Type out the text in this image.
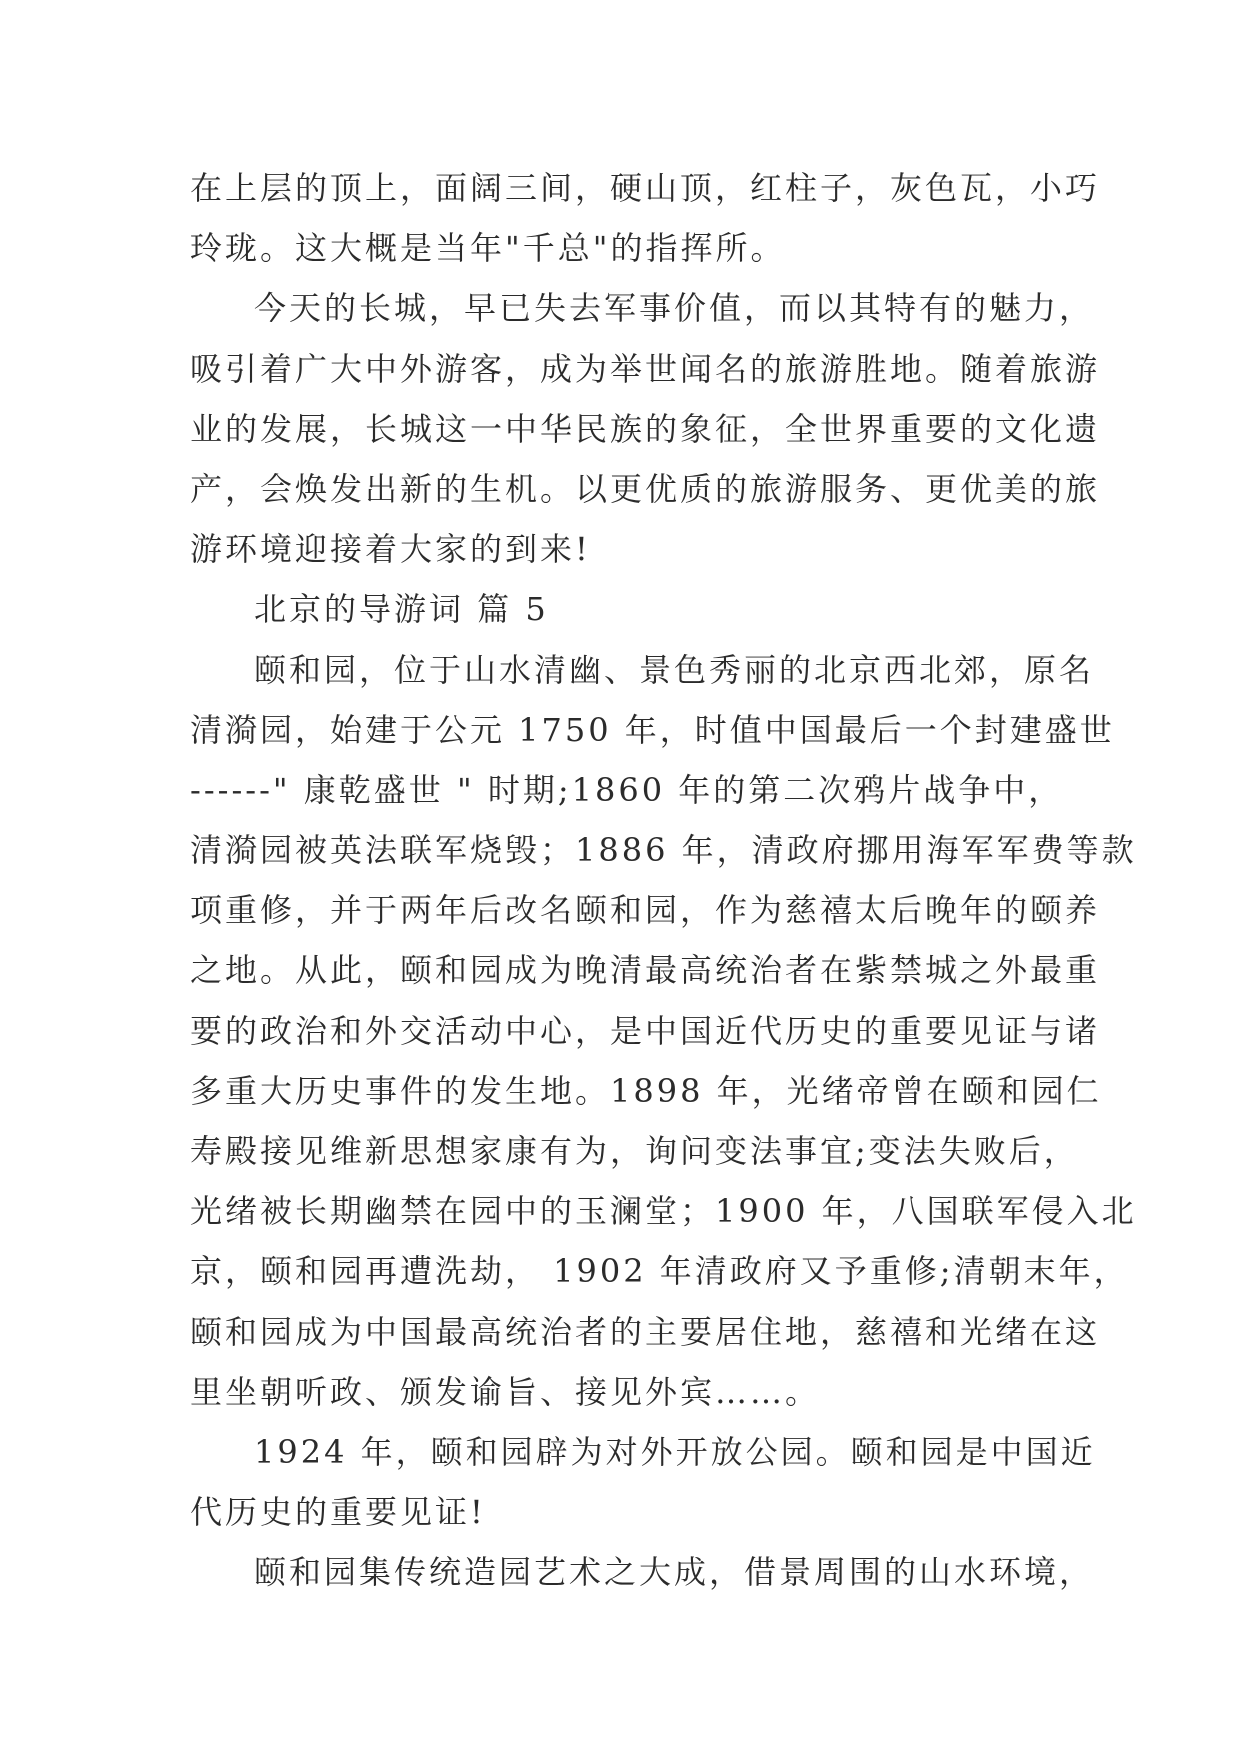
在上层的顶上，面阔三间，硬山顶，红柱子，灰色瓦，小巧
玲珑。这大概是当年"千总"的指挥所。
今天的长城，早已失去军事价值，而以其特有的魅力，
吸引着广大中外游客，成为举世闻名的旅游胜地。随着旅游
业的发展，长城这一中华民族的象征，全世界重要的文化遗
产，会焕发出新的生机。以更优质的旅游服务、更优美的旅
游环境迎接着大家的到来!
北京的导游词 篇 5
颐和园，位于山水清幽、景色秀丽的北京西北郊，原名
清漪园，始建于公元 1750 年，时值中国最后一个封建盛世
------" 康乾盛世 " 时期;1860 年的第二次鸦片战争中，
清漪园被英法联军烧毁；1886 年，清政府挪用海军军费等款
项重修，并于两年后改名颐和园，作为慈禧太后晚年的颐养
之地。从此，颐和园成为晚清最高统治者在紫禁城之外最重
要的政治和外交活动中心，是中国近代历史的重要见证与诸
多重大历史事件的发生地。1898 年，光绪帝曾在颐和园仁
寿殿接见维新思想家康有为，询问变法事宜;变法失败后，
光绪被长期幽禁在园中的玉澜堂；1900 年，八国联军侵入北
京，颐和园再遭洗劫， 1902 年清政府又予重修;清朝末年，
颐和园成为中国最高统治者的主要居住地，慈禧和光绪在这
里坐朝听政、颁发谕旨、接见外宾……。
1924 年，颐和园辟为对外开放公园。颐和园是中国近
代历史的重要见证!
颐和园集传统造园艺术之大成，借景周围的山水环境，
